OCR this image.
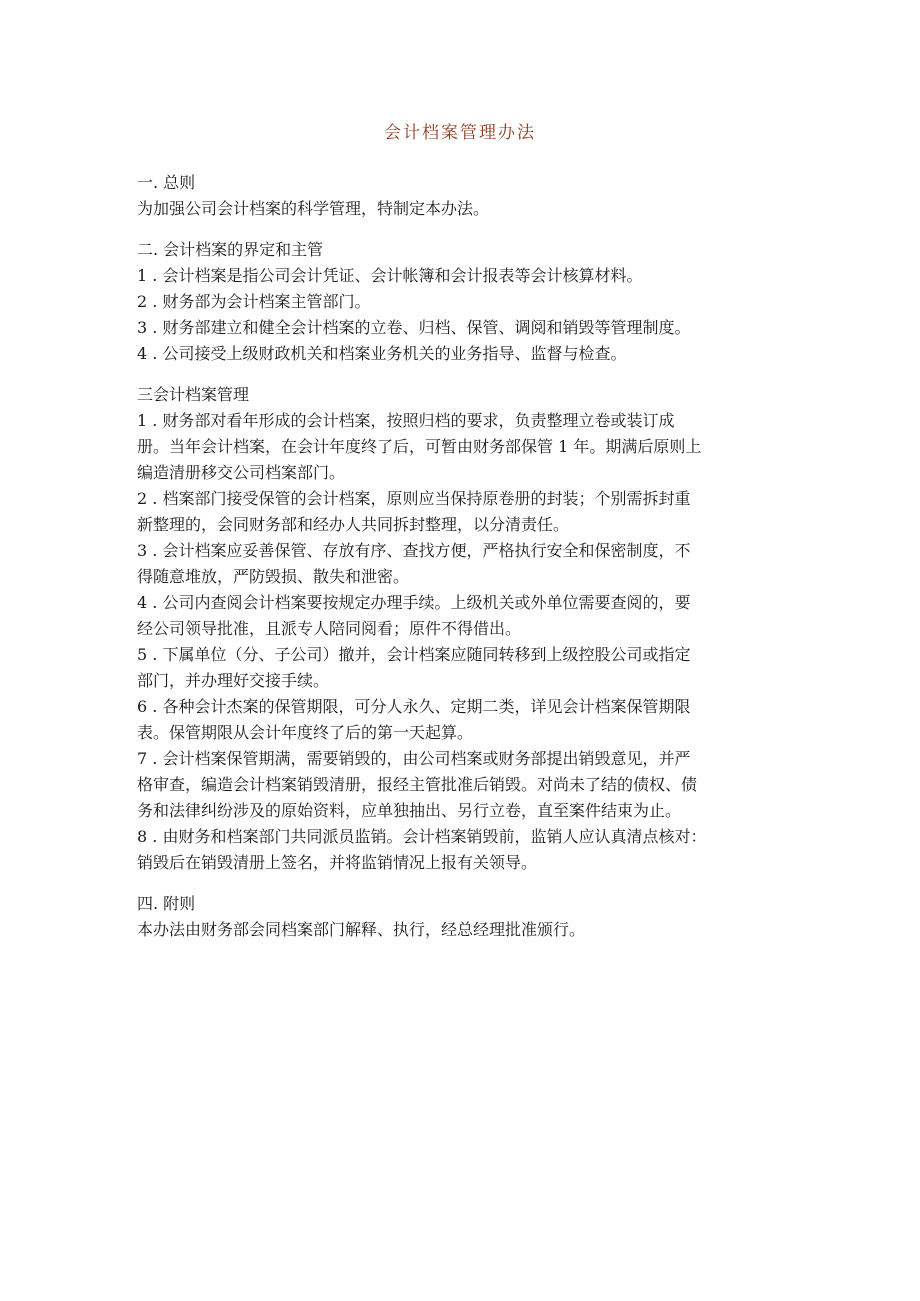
会计档案管理办法
一. 总则
为加强公司会计档案的科学管理，特制定本办法。
二. 会计档案的界定和主管
1 . 会计档案是指公司会计凭证、会计帐簿和会计报表等会计核算材料。
2 . 财务部为会计档案主管部门。
3 . 财务部建立和健全会计档案的立卷、归档、保管、调阅和销毁等管理制度。
4 . 公司接受上级财政机关和档案业务机关的业务指导、监督与检查。
三会计档案管理
1 . 财务部对看年形成的会计档案，按照归档的要求，负责整理立卷或装订成
册。当年会计档案，在会计年度终了后，可暂由财务部保管 1 年。期满后原则上
编造清册移交公司档案部门。
2 . 档案部门接受保管的会计档案，原则应当保持原卷册的封装；个别需拆封重
新整理的，会同财务部和经办人共同拆封整理，以分清责任。
3 . 会计档案应妥善保管、存放有序、查找方便，严格执行安全和保密制度，不
得随意堆放，严防毁损、散失和泄密。
4 . 公司内查阅会计档案要按规定办理手续。上级机关或外单位需要查阅的，要
经公司领导批准，且派专人陪同阅看；原件不得借出。
5 . 下属单位（分、子公司）撤并，会计档案应随同转移到上级控股公司或指定
部门，并办理好交接手续。
6 . 各种会计杰案的保管期限，可分人永久、定期二类，详见会计档案保管期限
表。保管期限从会计年度终了后的第一天起算。
7 . 会计档案保管期满，需要销毁的，由公司档案或财务部提出销毁意见，并严
格审查，编造会计档案销毁清册，报经主管批准后销毁。对尚未了结的债权、债
务和法律纠纷涉及的原始资料，应单独抽出、另行立卷，直至案件结束为止。
8 . 由财务和档案部门共同派员监销。会计档案销毁前，监销人应认真清点核对：
销毁后在销毁清册上签名，并将监销情况上报有关领导。
四. 附则
本办法由财务部会同档案部门解释、执行，经总经理批准颁行。
